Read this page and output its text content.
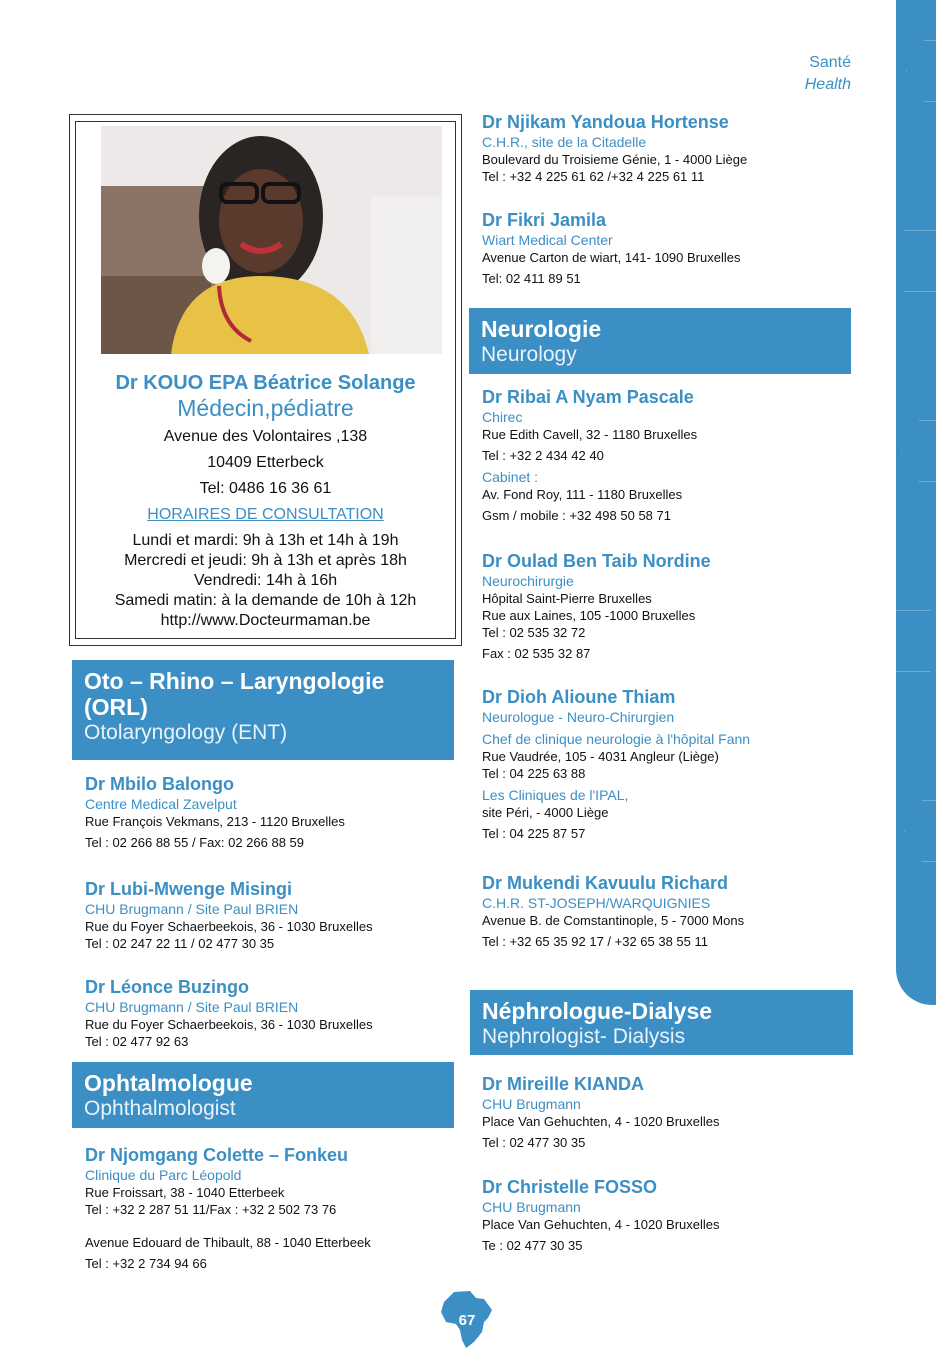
Santé
Health
Dr KOUO EPA Béatrice Solange
Médecin,pédiatre
Avenue des Volontaires ,138
10409 Etterbeck
Tel: 0486 16 36 61
HORAIRES DE CONSULTATION
Lundi et mardi: 9h à 13h et 14h à 19h
Mercredi et jeudi: 9h à 13h et après 18h
Vendredi: 14h à 16h
Samedi matin: à la demande de 10h à 12h
http://www.Docteurmaman.be
Oto – Rhino – Laryngologie
(ORL)
Otolaryngology (ENT)
Dr Mbilo Balongo
Centre Medical Zavelput
Rue François Vekmans, 213 - 1120 Bruxelles
Tel : 02 266 88 55 / Fax: 02 266 88 59
Dr Lubi-Mwenge Misingi
CHU Brugmann / Site Paul BRIEN
Rue du Foyer Schaerbeekois, 36 - 1030 Bruxelles
Tel : 02 247 22 11 / 02 477 30 35
Dr Léonce Buzingo
CHU Brugmann / Site Paul BRIEN
Rue du Foyer Schaerbeekois, 36 - 1030 Bruxelles
Tel : 02 477 92 63
Ophtalmologue
Ophthalmologist
Dr Njomgang Colette – Fonkeu
Clinique du Parc Léopold
Rue Froissart, 38 - 1040 Etterbeek
Tel : +32 2 287 51 11/Fax : +32 2 502 73 76
Avenue Edouard de Thibault, 88 - 1040 Etterbeek
Tel : +32 2 734 94 66
Dr Njikam Yandoua Hortense
C.H.R., site de la Citadelle
Boulevard du Troisieme Génie, 1 - 4000 Liège
Tel : +32 4 225 61 62 /+32 4 225 61 11
Dr Fikri Jamila
Wiart Medical Center
Avenue Carton de wiart, 141- 1090 Bruxelles
Tel: 02 411 89 51
Neurologie
Neurology
Dr Ribai A Nyam Pascale
Chirec
Rue Edith Cavell, 32 - 1180 Bruxelles
Tel : +32 2 434 42 40
Cabinet :
Av. Fond Roy, 111 - 1180 Bruxelles
Gsm / mobile : +32 498 50 58 71
Dr Oulad Ben Taib Nordine
Neurochirurgie
Hôpital Saint-Pierre Bruxelles
Rue aux Laines, 105 -1000 Bruxelles
Tel : 02 535 32 72
Fax : 02 535 32 87
Dr Dioh Alioune Thiam
Neurologue - Neuro-Chirurgien
Chef de clinique neurologie à l'hôpital Fann
Rue Vaudrée, 105 - 4031 Angleur (Liège)
Tel : 04 225 63 88
Les Cliniques de l'IPAL,
site Péri, - 4000 Liège
Tel : 04 225 87 57
Dr Mukendi Kavuulu Richard
C.H.R. ST-JOSEPH/WARQUIGNIES
Avenue B. de Comstantinople, 5 - 7000 Mons
Tel : +32 65 35 92 17 / +32 65 38 55 11
Néphrologue-Dialyse
Nephrologist- Dialysis
Dr Mireille KIANDA
CHU Brugmann
Place Van Gehuchten, 4 - 1020 Bruxelles
Tel : 02 477 30 35
Dr Christelle FOSSO
CHU Brugmann
Place Van Gehuchten, 4 - 1020 Bruxelles
Te : 02 477 30 35
67
